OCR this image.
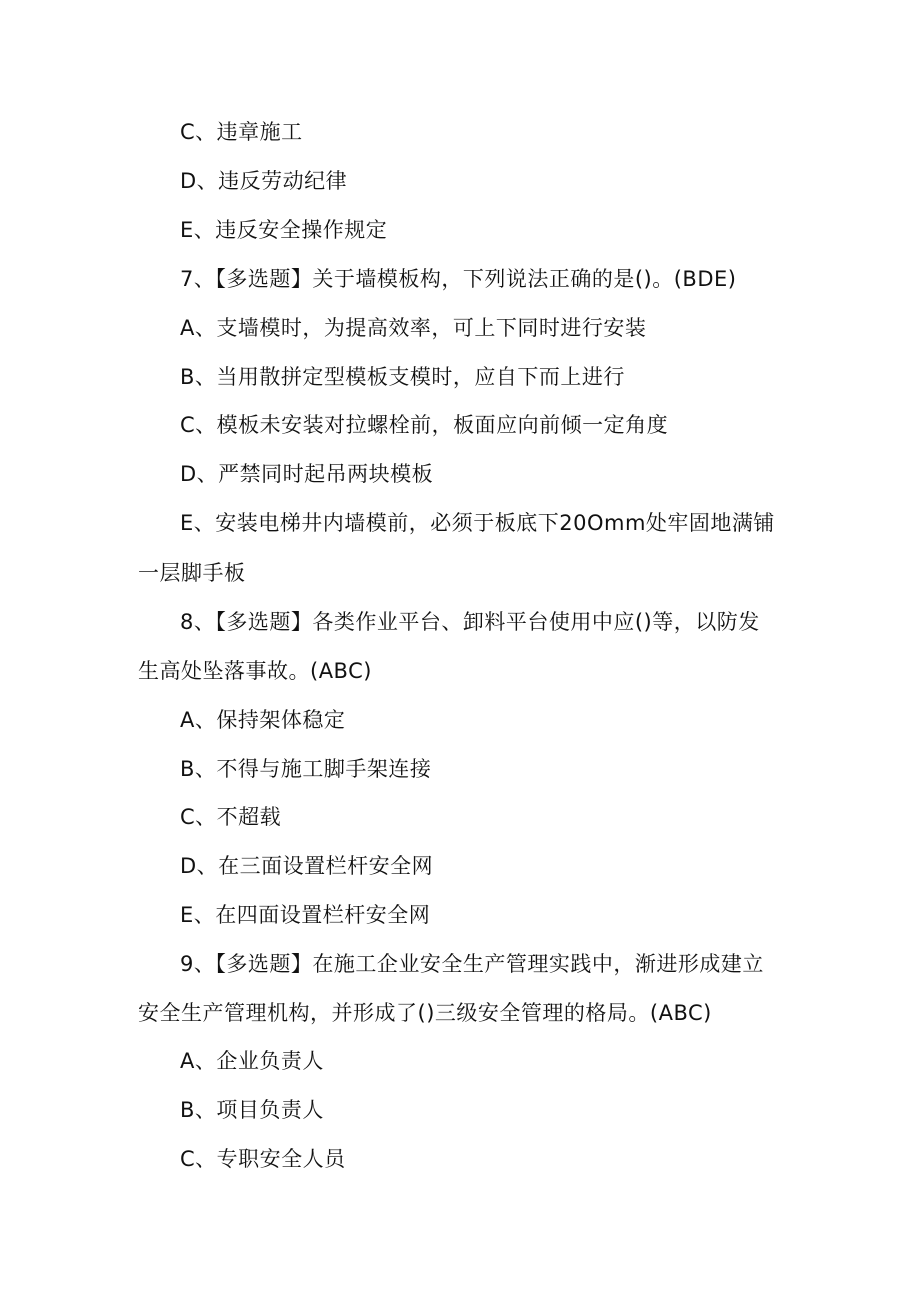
C、违章施工
D、违反劳动纪律
E、违反安全操作规定
7、【多选题】关于墙模板构，下列说法正确的是()。(BDE)
A、支墙模时，为提高效率，可上下同时进行安装
B、当用散拼定型模板支模时，应自下而上进行
C、模板未安装对拉螺栓前，板面应向前倾一定角度
D、严禁同时起吊两块模板
E、安装电梯井内墙模前，必须于板底下20Omm处牢固地满铺
一层脚手板
8、【多选题】各类作业平台、卸料平台使用中应()等，以防发
生高处坠落事故。(ABC)
A、保持架体稳定
B、不得与施工脚手架连接
C、不超载
D、在三面设置栏杆安全网
E、在四面设置栏杆安全网
9、【多选题】在施工企业安全生产管理实践中，渐进形成建立
安全生产管理机构，并形成了()三级安全管理的格局。(ABC)
A、企业负责人
B、项目负责人
C、专职安全人员
